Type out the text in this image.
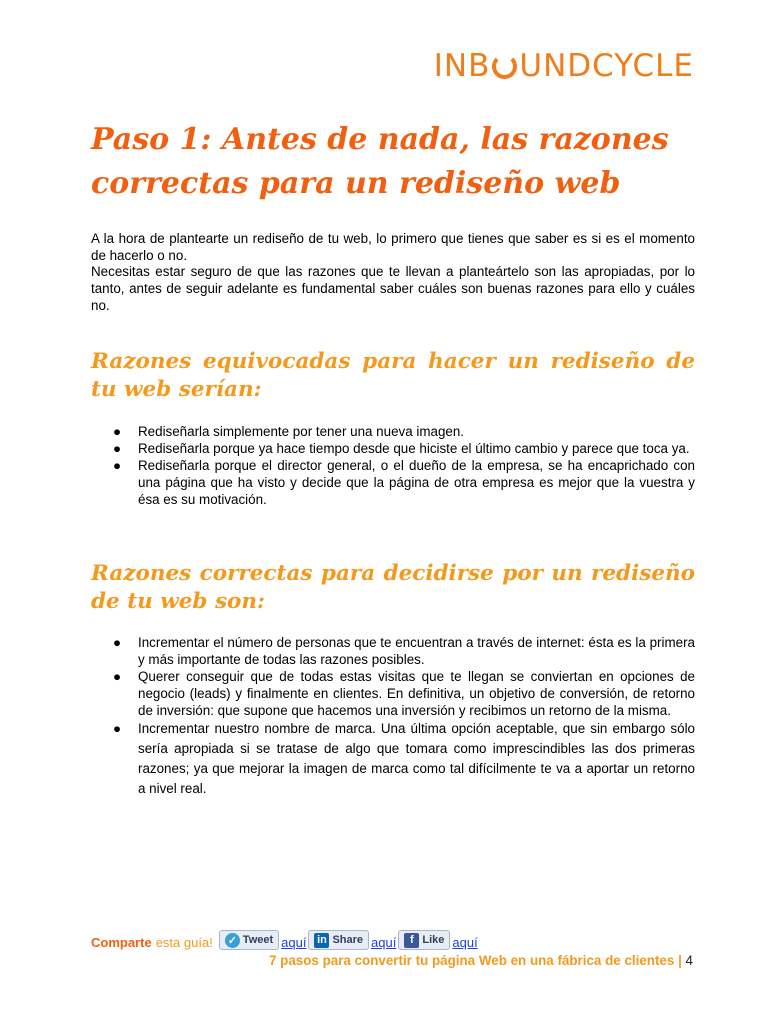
INB UNDCYCLE
Paso 1: Antes de nada, las razones correctas para un rediseño web

A la hora de plantearte un rediseño de tu web, lo primero que tienes que saber es si es el momento de hacerlo o no.

Necesitas estar seguro de que las razones que te llevan a planteártelo son las apropiadas, por lo tanto, antes de seguir adelante es fundamental saber cuáles son buenas razones para ello y cuáles no.

Razones equivocadas para hacer un rediseño de tu web serían:
● Rediseñarla simplemente por tener una nueva imagen.
● Rediseñarla porque ya hace tiempo desde que hiciste el último cambio y parece que toca ya.
● Rediseñarla porque el director general, o el dueño de la empresa, se ha encaprichado con una página que ha visto y decide que la página de otra empresa es mejor que la vuestra y ésa es su motivación.
Razones correctas para decidirse por un rediseño de tu web son:
● Incrementar el número de personas que te encuentran a través de internet: ésta es la primera y más importante de todas las razones posibles.
● Querer conseguir que de todas estas visitas que te llegan se conviertan en opciones de negocio (leads) y finalmente en clientes. En definitiva, un objetivo de conversión, de retorno de inversión: que supone que hacemos una inversión y recibimos un retorno de la misma.
● Incrementar nuestro nombre de marca. Una última opción aceptable, que sin embargo sólo sería apropiada si se tratase de algo que tomara como imprescindibles las dos primeras razones; ya que mejorar la imagen de marca como tal difícilmente te va a aportar un retorno a nivel real.
Comparte esta guía! ✓ Tweet aquí in Share aquí	f Like aquí
7 pasos para convertir tu página Web en una fábrica de clientes | 4
